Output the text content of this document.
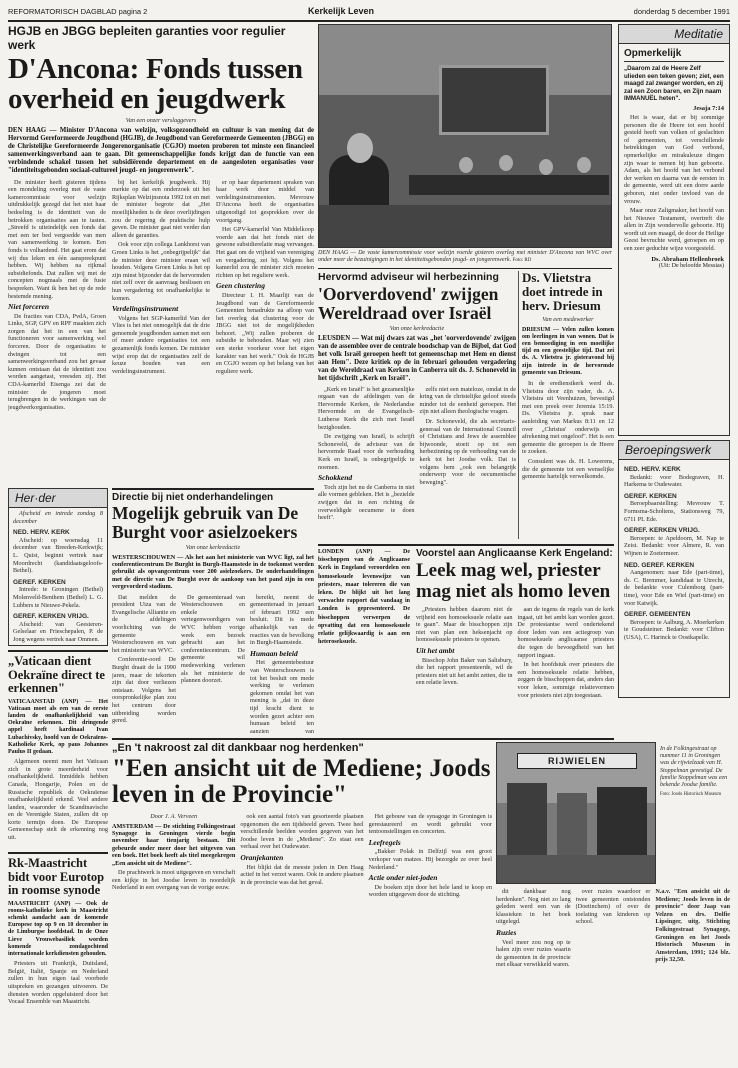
REFORMATORISCH DAGBLAD pagina 2	Kerkelijk Leven	donderdag 5 december 1991
HGJB en JBGG bepleiten garanties voor regulier werk
D'Ancona: Fonds tussen overheid en jeugdwerk
Van een onzer verslaggevers
DEN HAAG — Minister D'Ancona van welzijn, volksgezondheid en cultuur is van mening dat de Hervormd Gereformeerde Jeugdbond (HGJB), de Jeugdbond van Gereformeerde Gemeenten (JBGG) en de Christelijke Gereformeerde Jongerenorganisatie (CGJO) moeten proberen tot minste een financieel samenwerkingsverband aan te gaan. Dit gemeenschappelijke fonds krijgt dan de functie van een verbindende schakel tussen het subsidiërende departement en de aangesloten organisaties voor "identiteitsgebonden sociaal-cultureel jeugd- en jongerenwerk".

De minister heeft gisteren tijdens een mondeling overleg met de vaste kamercommissie voor welzijn uitdrukkelijk gezegd dat het niet haar bedoeling is de identiteit van de betrokken organisaties aan te tasten. „Streefd is uiteindelijk een fonds dat met een ter bed vergoedde van men van samenwerking te komen. Een fonds is volhardend. Het gaat erom dat wij dus leken en één aanspreekpunt hebben. Wij hebben na rijkmal subsidiefonds. Dat zullen wij met de concepten nogmaals met de fusie bespreken. Want ik ben het op de rede bestemde mening.

Niet forceren

De fracties van CDA, PvdA, Groen Links, SGP, GPV en RPF maakten zich zorgen dat het in een van het functioneren voor samenwerking wel forceren. Door de organisaties te dwingen tot een samenwerkingsverband zou het gevaar kunnen ontstaan dat de identiteit zou worden aangetast, vreesden zij. Het CDA-kamerlid Eisenga zei dat de minister de jongeren moet terugbrengen in de werkingen van de jeugdwerkorganisaties.

bij het kerkelijk jeugdwerk. Hij merkte op dat een onderzoek uit het Rijksplan Welzijnsnota 1992 tot en met de minister begrote dat „Het moeilijkheden is de deze overlijdingen zou de regering de praktische hulp geven. De minister gaat niet verder dan alleen de garanties.

Ook voor zijn collega Lankhorst van Groen Links is het „onbegrijpelijk" dat de minister deze minister eraan wil houden. Volgens Groen Links is het op zijn minst bijzonder dat de hervormden niet zelf over de aanvraag beslissen en hun vergadering tot onafhankelijke te komen.

Verdelingsinstrument

Volgens het SGP-kamerlid Van der Vlies is het niet onmogelijk dat de drie genoemde jeugdbonden samen met een of meer andere organisaties tot een gezamenlijk fonds komen. De minister wijst erop dat de organisaties zelf de keuze houden van een verdelingsinstrument.

er op haar departement spraken van haar werk door middel van verdelingsinstrumenten. Mevrouw D'Ancona heeft de organisaties uitgenodigd tot gesprekken over de voortgang.

Het GPV-kamerlid Van Middelkoop voerde aan dat het fonds niet de gewone subsidierelatie mag vervangen. Het gaat om de vrijheid van vereniging en vergadering, zei hij. Volgens het kamerlid zou de minister zich moeten richten op het reguliere werk.

Geen clustering

Directeur I. H. Maarliji van de Jeugdbond van de Gereformeerde Gemeenten benadrukte na afloop van het overleg dat clustering voor de JBGG niet tot de mogelijkheden behoort. „Wij zullen proberen de subsidie te behouden. Maar wij zien een sterke voorkeur voor het eigen karakter van het werk." Ook de HGJB en CGJO wezen op het belang van het reguliere werk.

DEN HAAG — De vaste kamercommissie voor welzijn voerde gisteren overleg met minister D'Ancona van WVC over onder meer de bezuinigingen in het identiteitsgebonden jeugd- en jongerenwerk. Foto: RD
Hervormd adviseur wil herbezinning
'Oorverdovend' zwijgen Wereldraad over Israël
Van onze kerkredactie
LEUSDEN — Wat mij dwars zat was „het 'oorverdovende' zwijgen van de assemblee over de centrale boodschap van de Bijbel, dat God het volk Israël geroepen heeft tot gemeenschap met Hem en dienst aan Hem". Deze kritiek op de in februari gehouden vergadering van de Wereldraad van Kerken in Canberra uit ds. J. Schoneveld in het tijdschrift „Kerk en Israël".

„Kerk en Israël" is het gezamenlijke orgaan van de afdelingen van de Hervormde Kerken, de Nederlandse Hervormde en de Evangelisch-Lutherse Kerk die zich met Israël bezighouden.

De zwijging van Israël, is schrijft Schoneveld, de adviseur van de hervormde Raad voor de verhouding Kerk en Israël, is onbegrijpelijk te noemen.

Schokkend

Toch zijn het nu de Canberra in niet alle vormen gebleken. Het is „bezielde zwijgen dat in een richting de overweldigde oecumene te doen heeft".

zelfs niet een mateloze, omdat in de kring van de christelijke geloof steeds minder tot de eenheid geroepen. Het zijn niet alleen theologische vragen.

Dr. Schoneveld, die als secretaris-generaal van de International Council of Christians and Jews de assemblee bijwoonde, stoeit op tot een herbezinning op de verhouding van de kerk tot het Joodse volk. Dat is volgens hem „ook een belangrijk onderwerp voor de oecumenische beweging".

Ds. Vlietstra doet intrede in herv. Driesum
Van een medewerker
DRIESUM — Velen zullen komen om leerlingen in van wonen. Dat is een bemoediging in een moeilijke tijd en een geestelijke tijd. Dat zei ds. A. Vlietstra jr. gisteravond bij zijn intrede in de hervormde gemeente van Driesum.

In de eredienstkerk werd ds. Vlietstra door zijn vader, ds. A. Vlietstra uit Veenhuizen, bevestigd met een preek over Jeremia 15:19. Ds. Vlietstra jr. sprak naar aanleiding van Markus 8:11 en 12 over „Christus' onderwijs en afrekening met ongeloof". Het is een gemeente die geroepen is de Heere te zoeken.

Consulent was ds. H. Lowerens, die de gemeente tot een wenselijke gemeente hartelijk verwelkomde.

Meditatie
Opmerkelijk
„Daarom zal de Heere Zelf ulieden een teken geven; ziet, een maagd zal zwanger worden, en zij zal een Zoon baren, en Zijn naam IMMANUËL heten".
Jesaja 7:14

Het is waar, dat er bij sommige personen die de Heere tot een hoofd gesteld heeft van volken of geslachten of gemeenten, tot verschillende betrekkingen van God verbond, opmerkelijke en mirakuleuze dingen zijn waar te nemen bij hun geboorte. Adam, als het hoofd van het verbond der werken en daarna van de eersten in de gemeente, werd uit een dorre aarde geboren, niet onder invloed van de vrouw.

Maar onze Zaligmaker, het hoofd van het Nieuwe Testament, overtreft die allen in Zijn wondervolle geboorte. Hij wordt uit een maagd, de door de Heilige Geest bevruchte werd, geroepen en op een zeer geduchte wijze voorgesteld.

Ds. Abraham Hellenbroek
(Uit: De beloofde Messias)
Beroepingswerk
NED. HERV. KERK

Bedankt: voor Bodegraven, H. Harkema te Oudewater.

GEREF. KERKEN

Beroepbaarstelling: Mevrouw T. Formsma-Scholtens, Stationsweg 79, 6711 PL Ede.

GEREF. KERKEN VRIJG.

Beroepen: te Apeldoorn, M. Nap te Zeist. Bedankt: voor Almere, R. van Wijnen te Zoetermeer.

NED. GEREF. KERKEN

Aangenomen: naar Ede (part-time), ds. C. Bremmer, kandidaat te Utrecht, de bedankte voor Culemborg (part-time), voor Ede en Wiel (part-time) en voor Katwijk.

GEREF. GEMEENTEN

Beroepen: te Aalburg, A. Moerkerken te Goudsteiner. Bedankt: voor Clifton (USA), C. Harinck te Oostkapelle.

Her·der

Afscheid en intrede zondag 8 december

NED. HERV. KERK

Afscheid: op woensdag 11 december van Breeden-Kerkwijk; L. Quist, beginnt vertrek naar Moordrecht (kandidaatsgeloofs-Bethel).

GEREF. KERKEN

Intrede: te Groningen (Bethel) Molenveld-Benthem (Bethel) L. G. Lubbers te Nieuwe-Pekela.

GEREF. KERKEN VRIJG.

Afscheid: van Geesteren-Gelselaar en Frieschepalen, P. de Jong wegens vertrek naar Ommen.

„Vaticaan dient Oekraïne direct te erkennen"
VATICAANSTAD (ANP) — Het Vaticaan moet als een van de eerste landen de onafhankelijkheid van Oekraïne erkennen. Dit dringende appel heeft kardinaal Ivan Lubachivsky, hoofd van de Oekraïens-Katholieke Kerk, op paus Johannes Paulus II gedaan.

Algemeen neemt men het Vaticaan zich in grote meerderheid voor onafhankelijkheid. Inmiddels hebben Canada, Hongarije, Polen en de Russische republiek de Oekraïense onafhankelijkheid erkend. Veel andere landen, waaronder de Scandinavische en de Verenigde Staten, zullen dit op korte termijn doen. De Europese Gemeenschap stelt de erkenning nog uit.

Rk-Maastricht bidt voor Eurotop in roomse synode
MAASTRICHT (ANP) — Ook de rooms-katholieke kerk in Maastricht schenkt aandacht aan de komende Europese top op 9 en 10 december in de Limburgse hoofdstad. In de Onze Lieve Vrouwebasiliek worden komende zondagochtend internationale kerkdiensten gehouden.

Priesters uit Frankrijk, Duitsland, België, Italië, Spanje en Nederland zullen in hun eigen taal voorbede uitspreken en gezangen uitvoeren. De diensten worden opgeluisterd door het Vocaal Ensemble van Maastricht.

Directie bij niet onderhandelingen
Mogelijk gebruik van De Burght voor asielzoekers
Van onze kerkredactie
WESTERSCHOUWEN — Als het aan het ministerie van WVC ligt, zal het conferentiecentrum De Burght in Burgh-Haamstede in de toekomst worden gebruikt als opvangcentrum voor 200 asielzoekers. De onderhandelingen met de directie van De Burght over de aankoop van het pand zijn in een vergevorderd stadium.

Dat melden de president Uiza van de Evangelische Alliantie en de afdelingen voorlichting van de gemeente Westerschouwen en van het ministerie van WVC.

Conferentie-oord De Burght draait de la 1990 jaren, maar de tekorten zijn dat door verliezen ontstaan. Volgens het oorspronkelijke plan zou het centrum door uitbreiding worden gered.

De gemeenteraad van Westerschouwen en enkele vertegenwoordigers van WVC hebben vorige week een bezoek gebracht aan het conferentiecentrum. De gemeente wil medewerking verlenen als het ministerie de plannen doorzet.

bereikt, neemt de gemeenteraad in januari of februari 1992 een besluit. Dit is mede afhankelijk van de reacties van de bevolking in Burgh-Haamstede.

Humaan beleid

Het gemeentebestuur van Westerschouwen is tot het besluit om mede werking te verlenen gekomen omdat het van mening is „dat in deze tijd kracht dient te worden gezet achter een humaan beleid ten aanzien van

LONDEN (ANP) — De bisschoppen van de Anglicaanse Kerk in Engeland veroordelen een homoseksuele levenswijze van priesters, maar tolereren die van leken. De blijkt uit het lang verwachte rapport dat vandaag in Londen is gepresenteerd. De bisschoppen verwerpen de opvatting dat een homoseksuele relatie gelijkwaardig is aan een heteroseksuele.
Voorstel aan Anglicaanse Kerk Engeland:
Leek mag wel, priester mag niet als homo leven

„Priesters hebben daarom niet de vrijheid een homoseksuele relatie aan te gaan". Maar de bisschoppen zijn niet van plan een heksenjacht op homoseksuele priesters te openen.

Uit het ambt

Bisschop John Baker van Salisbury, die het rapport presenteerde, wil de priesters niet uit het ambt zetten, die in een relatie leven.

aan de tegens de regels van de kerk ingaat, uit het ambt kan worden gezet. De protestantse werd ondertekend door leden van een actiegroep van homoseksuele anglicaanse priesters die tegen de bevoegdheid van het rapport ingaan.

In het hoofdstuk over priesters die een homoseksuele relatie hebben, zeggen de bisschoppen dat, anders dan voor leken, sommige relatievormen voor priesters niet zijn toegestaan.

„En 't nakroost zal dit dankbaar nog herdenken"
"Een ansicht uit de Mediene; Joods leven in de Provincie"
Door J. A. Verveen
AMSTERDAM — De stichting Folkingestraat Synagoge in Groningen vierde begin november haar tienjarig bestaan. Dit gebeurde onder meer door het uitgeven van een boek. Het boek heeft als titel meegekregen „Een ansicht uit de Mediene".

De prachtwerk is mooi uitgegeven en verschaft een kijkje in het Joodse leven in noordelijk Nederland in een overgang van de vorige eeuw.

ook een aantal foto's van gesorteerde plaatsen opgenomen die een tijdsbeeld geven. Twee heel verschillende beelden worden gegeven van het Joodse leven in de „Mediene". Zo staat een verhaal over het Oudewater.

Oranjekanten

Het blijkt dat de meeste joden in Den Haag actief in het verzet waren. Ook in andere plaatsen in de provincie was dat het geval.

Het gebouw van de synagoge in Groningen is gerestaureerd en wordt gebruikt voor tentoonstellingen en concerten.

Leefregels

„Bakker Polak in Delfzijl was een groot verkoper van matzes. Hij bezorgde ze over heel Nederland."

Actie onder niet-joden

De boeken zijn door het hele land te koop en worden uitgegeven door de stichting.

RIJWIELEN
In de Folkingestraat op nummer 11 in Groningen was de rijwielzaak van H. Stoppelman gevestigd. De familie Stoppelman was een bekende Joodse familie.
Foto: Joods Historisch Museum

dit dankbaar nog herdenken". Nog niet zo lang geleden werd een van de klassieken in het boek uitgelegd.

Ruzies

Veel meer zou nog op te halen zijn over ruzies waarin de gemeenten in de provincie met elkaar verwikkeld waren.

over ruzies waardoor er twee gemeenten ontstonden (Doetinchem) of over de toelating van kinderen op school.

N.a.v. "Een ansicht uit de Mediene; Joods leven in de provincie" door Jaap van Velzen en drs. Dolfie Lipsinger, uitg. Stichting Folkingestraat Synagoge, Groningen en het Joods Historisch Museum in Amsterdam, 1991; 124 blz. prijs 32,50.
